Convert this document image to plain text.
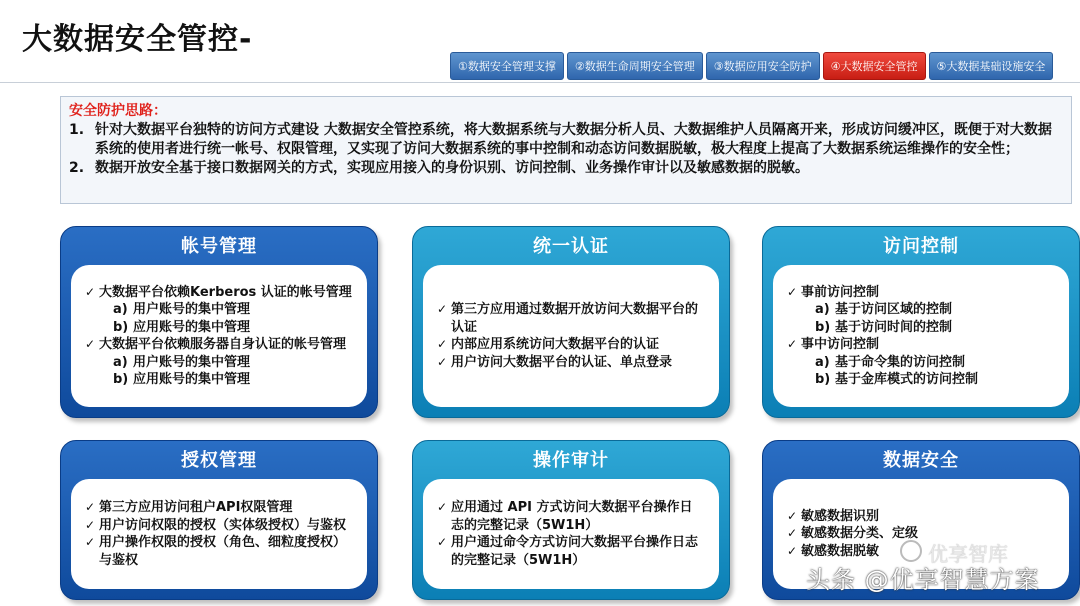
大数据安全管控-
①数据安全管理支撑	②数据生命周期安全管理	③数据应用安全防护	④大数据安全管控	⑤大数据基础设施安全
安全防护思路：
1. 针对大数据平台独特的访问方式建设 大数据安全管控系统，将大数据系统与大数据分析人员、大数据维护人员隔离开来，形成访问缓冲区，既便于对大数据系统的使用者进行统一帐号、权限管理，又实现了访问大数据系统的事中控制和动态访问数据脱敏，极大程度上提高了大数据系统运维操作的安全性；
2. 数据开放安全基于接口数据网关的方式，实现应用接入的身份识别、访问控制、业务操作审计以及敏感数据的脱敏。
帐号管理
✓ 大数据平台依赖Kerberos 认证的帐号管理
a) 用户账号的集中管理
b) 应用账号的集中管理
✓ 大数据平台依赖服务器自身认证的帐号管理
a) 用户账号的集中管理
b) 应用账号的集中管理
统一认证
✓ 第三方应用通过数据开放访问大数据平台的认证
✓ 内部应用系统访问大数据平台的认证
✓ 用户访问大数据平台的认证、单点登录
访问控制
✓ 事前访问控制
a) 基于访问区域的控制
b) 基于访问时间的控制
✓ 事中访问控制
a) 基于命令集的访问控制
b) 基于金库模式的访问控制
授权管理
✓ 第三方应用访问租户API权限管理
✓ 用户访问权限的授权（实体级授权）与鉴权
✓ 用户操作权限的授权（角色、细粒度授权）与鉴权
操作审计
✓ 应用通过 API 方式访问大数据平台操作日志的完整记录（5W1H）
✓ 用户通过命令方式访问大数据平台操作日志的完整记录（5W1H）
数据安全
✓ 敏感数据识别
✓ 敏感数据分类、定级
✓ 敏感数据脱敏 优享智库
头条 @优享智慧方案
